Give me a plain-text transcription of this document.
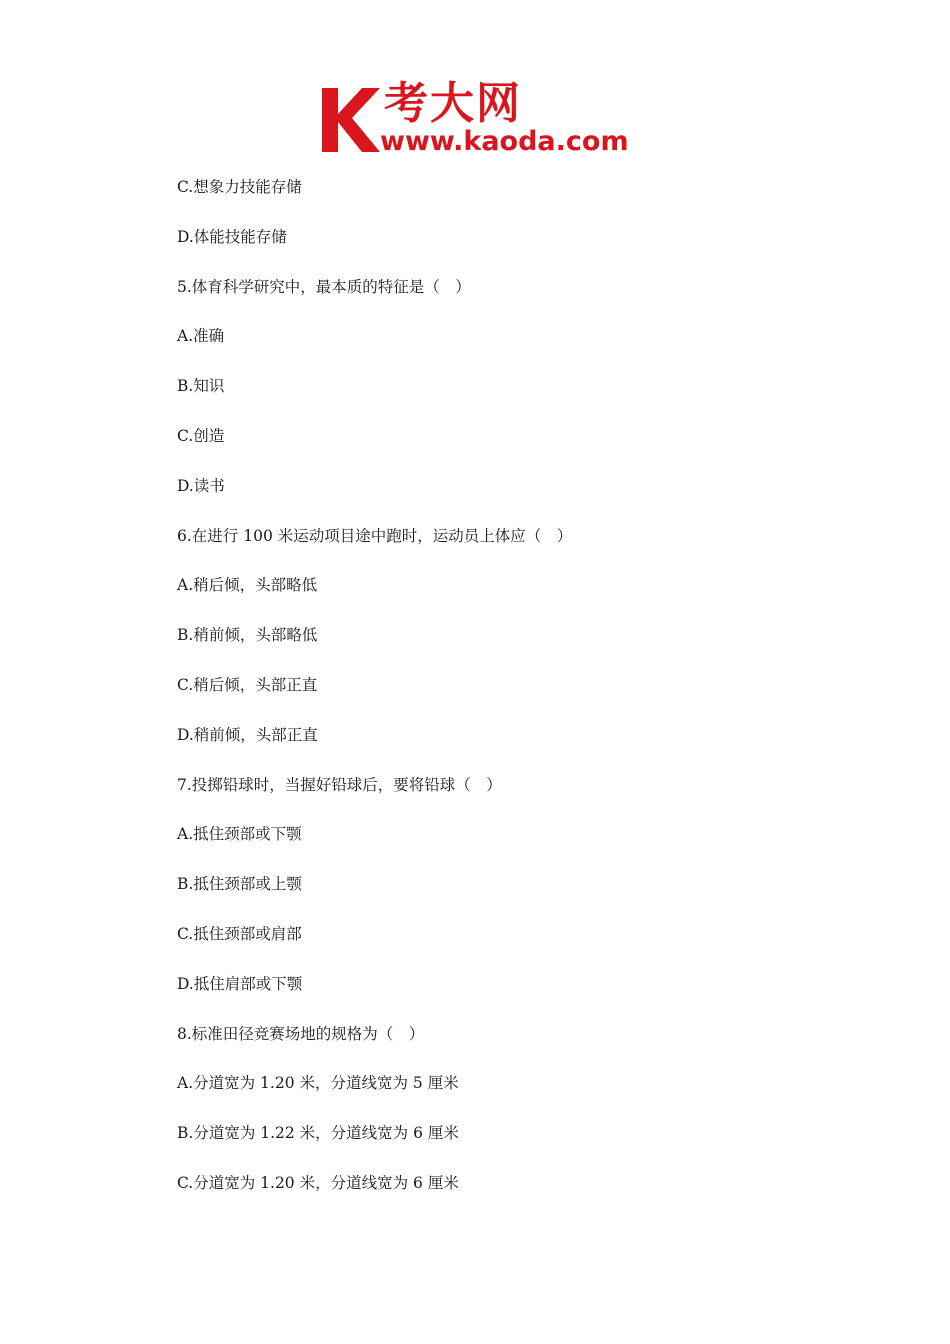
考大网
www.kaoda.com
C.想象力技能存储
D.体能技能存储
5.体育科学研究中，最本质的特征是（　）
A.准确
B.知识
C.创造
D.读书
6.在进行 100 米运动项目途中跑时，运动员上体应（　）
A.稍后倾，头部略低
B.稍前倾，头部略低
C.稍后倾，头部正直
D.稍前倾，头部正直
7.投掷铅球时，当握好铅球后，要将铅球（　）
A.抵住颈部或下颚
B.抵住颈部或上颚
C.抵住颈部或肩部
D.抵住肩部或下颚
8.标准田径竞赛场地的规格为（　）
A.分道宽为 1.20 米，分道线宽为 5 厘米
B.分道宽为 1.22 米，分道线宽为 6 厘米
C.分道宽为 1.20 米，分道线宽为 6 厘米
